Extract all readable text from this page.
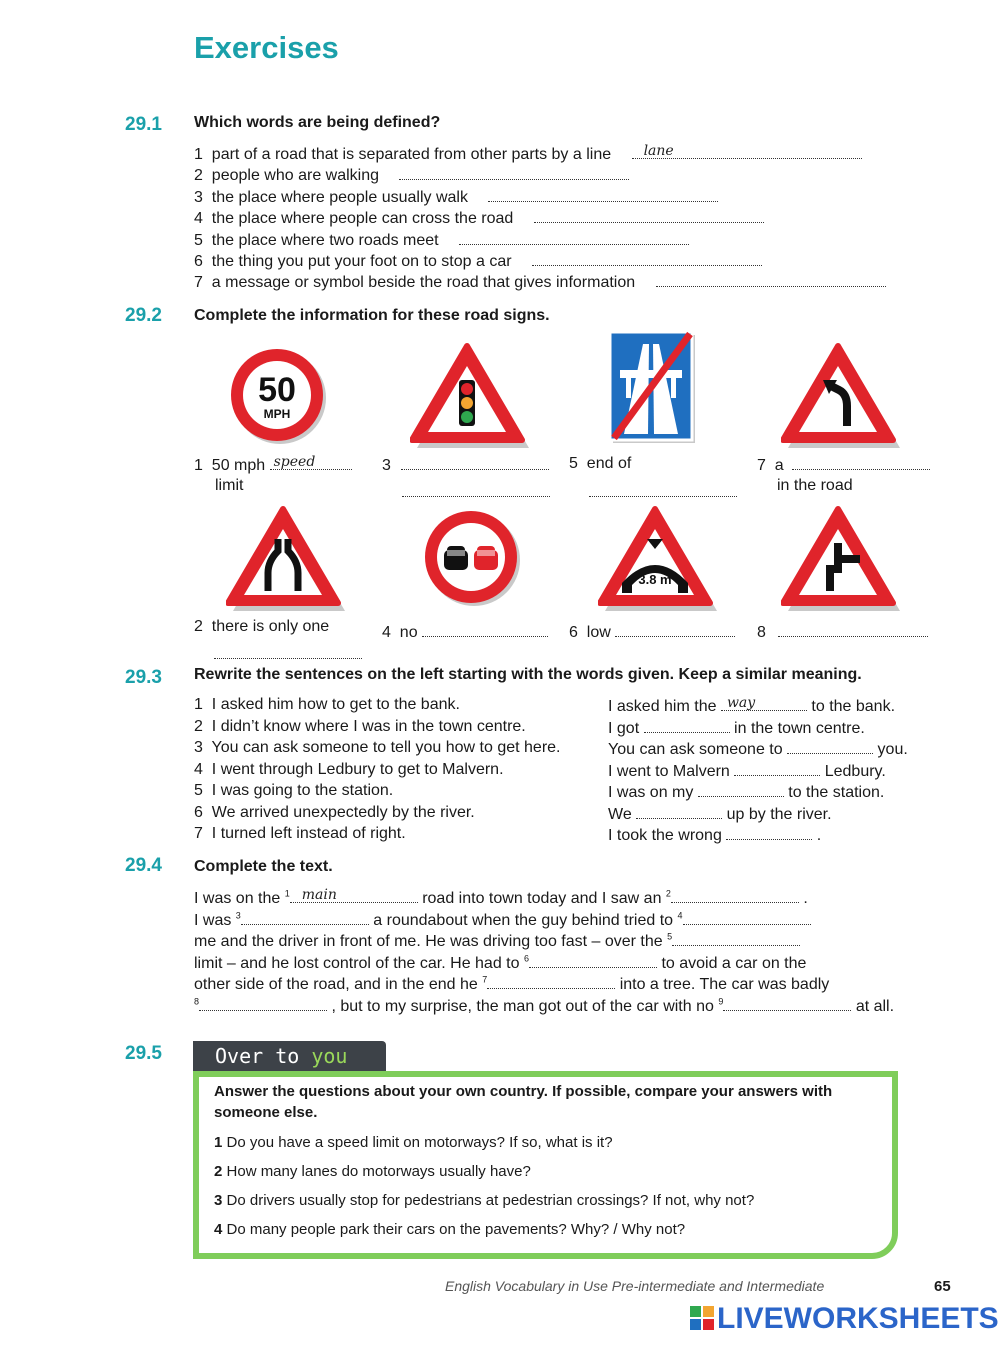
Exercises
29.1 Which words are being defined?
1 part of a road that is separated from other parts by a line	lane
2 people who are walking
3 the place where people usually walk
4 the place where people can cross the road
5 the place where two roads meet
6 the thing you put your foot on to stop a car
7 a message or symbol beside the road that gives information
29.2 Complete the information for these road signs.
50
MPH
1 50 mph speed
limit
3	5 end of	7 a
in the road
3.8 m
2 there is only one	4 no	6 low	8
29.3 Rewrite the sentences on the left starting with the words given. Keep a similar meaning.
1 I asked him how to get to the bank.	I asked him the way	to the bank.
2 I didn’t know where I was in the town centre.	I got	in the town centre.
3 You can ask someone to tell you how to get here.	You can ask someone to	you.
4 I went through Ledbury to get to Malvern.	I went to Malvern	Ledbury.
5 I was going to the station.	I was on my	to the station.
6 We arrived unexpectedly by the river.	We	up by the river.
7 I turned left instead of right.	I took the wrong	.
29.4 Complete the text.
I was on the $^1$ main	road into town today and I saw an $^2$	.
I was $^3$	a roundabout when the guy behind tried to $^4$
me and the driver in front of me. He was driving too fast – over the $^5$
limit – and he lost control of the car. He had to $^6$	to avoid a car on the
other side of the road, and in the end he $^7$	into a tree. The car was badly
$^8$	, but to my surprise, the man got out of the car with no $^9$	at all.
29.5	Over to you
Answer the questions about your own country. If possible, compare your answers with
someone else.
1 Do you have a speed limit on motorways? If so, what is it?
2 How many lanes do motorways usually have?
3 Do drivers usually stop for pedestrians at pedestrian crossings? If not, why not?
4 Do many people park their cars on the pavements? Why? / Why not?
English Vocabulary in Use Pre-intermediate and Intermediate	65
LIVEWORKSHEETS
